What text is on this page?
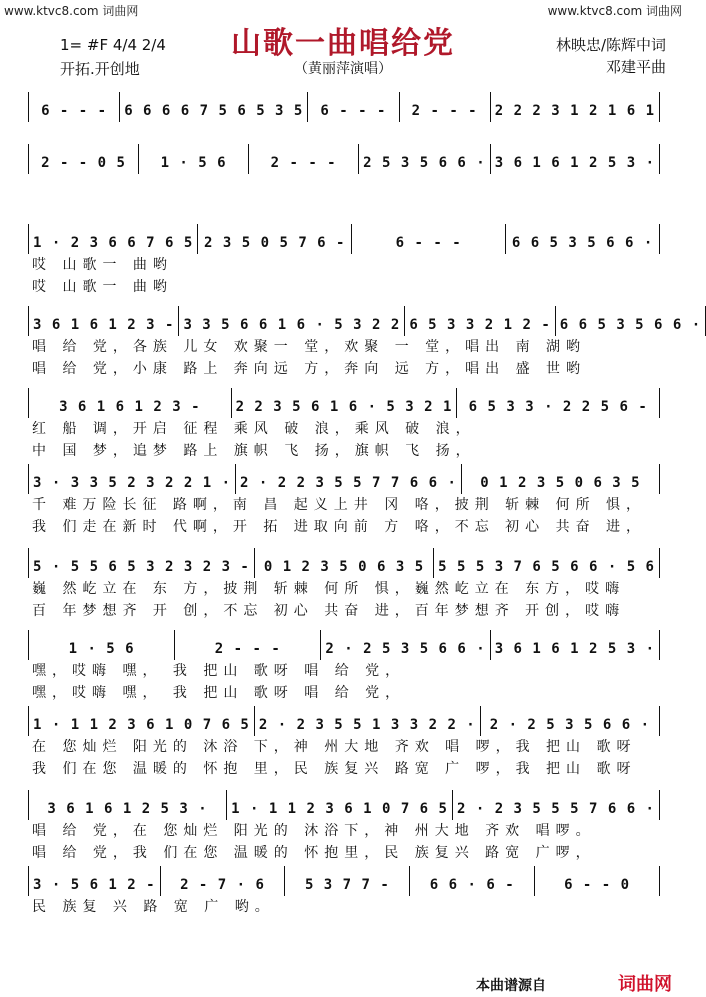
www.ktvc8.com 词曲网	www.ktvc8.com 词曲网
山歌一曲唱给党
1= #F 4/4 2/4
开拓.开创地	（黄丽萍演唱）
林映忠/陈辉中词
邓建平曲
6 - - -	6 6 6 6 7 5 6 5 3 5	6 - - -	2 - - -	2 2 2 3 1 2 1 6 1
2 - - 0 5	1 · 5 6	2 - - -	2 5 3 5 6 6 · 3 6 1 6 1 2 5 3 ·
1 · 2 3 6 6 7 6 5 2 3 5 0 5 7 6 -	6 - - -	6 6 5 3 5 6 6 ·
哎 山歌一 曲哟
哎 山歌一 曲哟
3 6 1 6 1 2 3 - 3 3 5 6 6 1 6 · 5 3 2 2 6 5 3 3 2 1 2 - 6 6 5 3 5 6 6 ·
唱 给 党，各族 儿女 欢聚一 堂，欢聚 一 堂，唱出 南 湖哟
唱 给 党，小康 路上 奔向远 方，奔向 远 方，唱出 盛 世哟
3 6 1 6 1 2 3 -	2 2 3 5 6 1 6 · 5 3 2 1	6 5 3 3 · 2 2 5 6 -
红 船 调，开启 征程 乘风 破 浪，乘风 破 浪，
中 国 梦，追梦 路上 旗帜 飞 扬，旗帜 飞 扬，
3 · 3 3 5 2 3 2 2 1 · 2 · 2 2 3 5 5 7 7 6 6 ·	0 1 2 3 5 0 6 3 5
千 难万险长征 路啊，南 昌 起义上井 冈 咯，披荆 斩棘 何所 惧，
我 们走在新时 代啊，开 拓 进取向前 方 咯，不忘 初心 共奋 进，
5 · 5 5 6 5 3 2 3 2 3 - 0 1 2 3 5 0 6 3 5 5 5 5 3 7 6 5 6 6 · 5 6
巍 然屹立在 东 方，披荆 斩棘 何所 惧，巍然屹立在 东方，哎嗨
百 年梦想齐 开 创，不忘 初心 共奋 进，百年梦想齐 开创，哎嗨
1 · 5 6	2 - - -	2 · 2 5 3 5 6 6 · 3 6 1 6 1 2 5 3 ·
嘿，哎嗨 嘿， 我 把山 歌呀 唱 给 党，
嘿，哎嗨 嘿， 我 把山 歌呀 唱 给 党，
1 · 1 1 2 3 6 1 0 7 6 5 2 · 2 3 5 5 1 3 3 2 2 · 2 · 2 5 3 5 6 6 ·
在 您灿烂 阳光的 沐浴 下，神 州大地 齐欢 唱 啰，我 把山 歌呀
我 们在您 温暖的 怀抱 里，民 族复兴 路宽 广 啰，我 把山 歌呀
3 6 1 6 1 2 5 3 ·	1 · 1 1 2 3 6 1 0 7 6 5 2 · 2 3 5 5 5 7 6 6 ·
唱 给 党，在 您灿烂 阳光的 沐浴下，神 州大地 齐欢 唱啰。
唱 给 党，我 们在您 温暖的 怀抱里，民 族复兴 路宽 广啰，
3 · 5 6 1 2 -	2 - 7 · 6	5 3 7 7 -	6 6 · 6 -	6 - - 0
民 族复 兴 路 宽 广 哟。
本曲谱源自	词曲网
